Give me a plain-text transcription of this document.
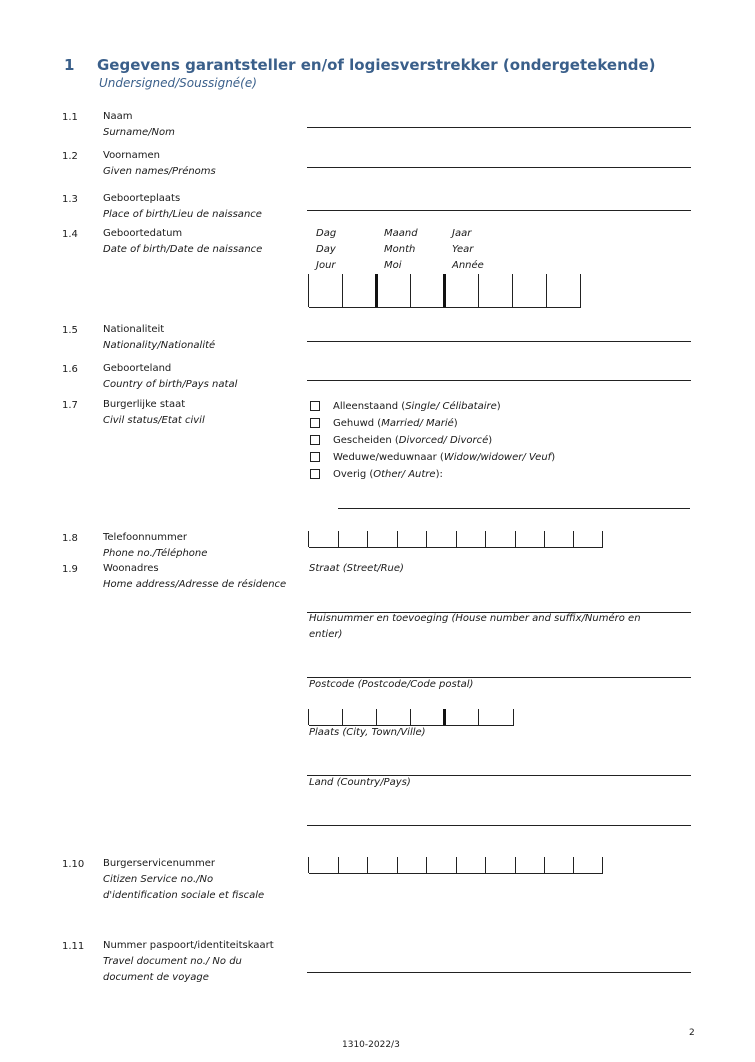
1 Gegevens garantsteller en/of logiesverstrekker (ondergetekende)
Undersigned/Soussigné(e)
1.1	Naam
Surname/Nom
1.2	Voornamen
Given names/Prénoms
1.3	Geboorteplaats
Place of birth/Lieu de naissance
1.4	Geboortedatum
Date of birth/Date de naissance
Dag
Day
Jour
Maand
Month
Moi
Jaar
Year
Année
1.5	Nationaliteit
Nationality/Nationalité
1.6	Geboorteland
Country of birth/Pays natal
1.7	Burgerlijke staat
Civil status/Etat civil
Alleenstaand ( Single/ Célibataire )
Gehuwd ( Married/ Marié )
Gescheiden ( Divorced/ Divorcé )
Weduwe/weduwnaar ( Widow/widower/ Veuf )
Overig ( Other/ Autre ):
1.8	Telefoonnummer
Phone no./Téléphone
1.9	Woonadres
Home address/Adresse de résidence
Straat (Street/Rue)
Huisnummer en toevoeging (House number and suffix/Numéro en
entier)
Postcode (Postcode/Code postal)
Plaats (City, Town/Ville)
Land (Country/Pays)
1.10 Burgerservicenummer
Citizen Service no./No
d'identification sociale et fiscale
1.11 Nummer paspoort/identiteitskaart
Travel document no./ No du
document de voyage
2
1310-2022/3
